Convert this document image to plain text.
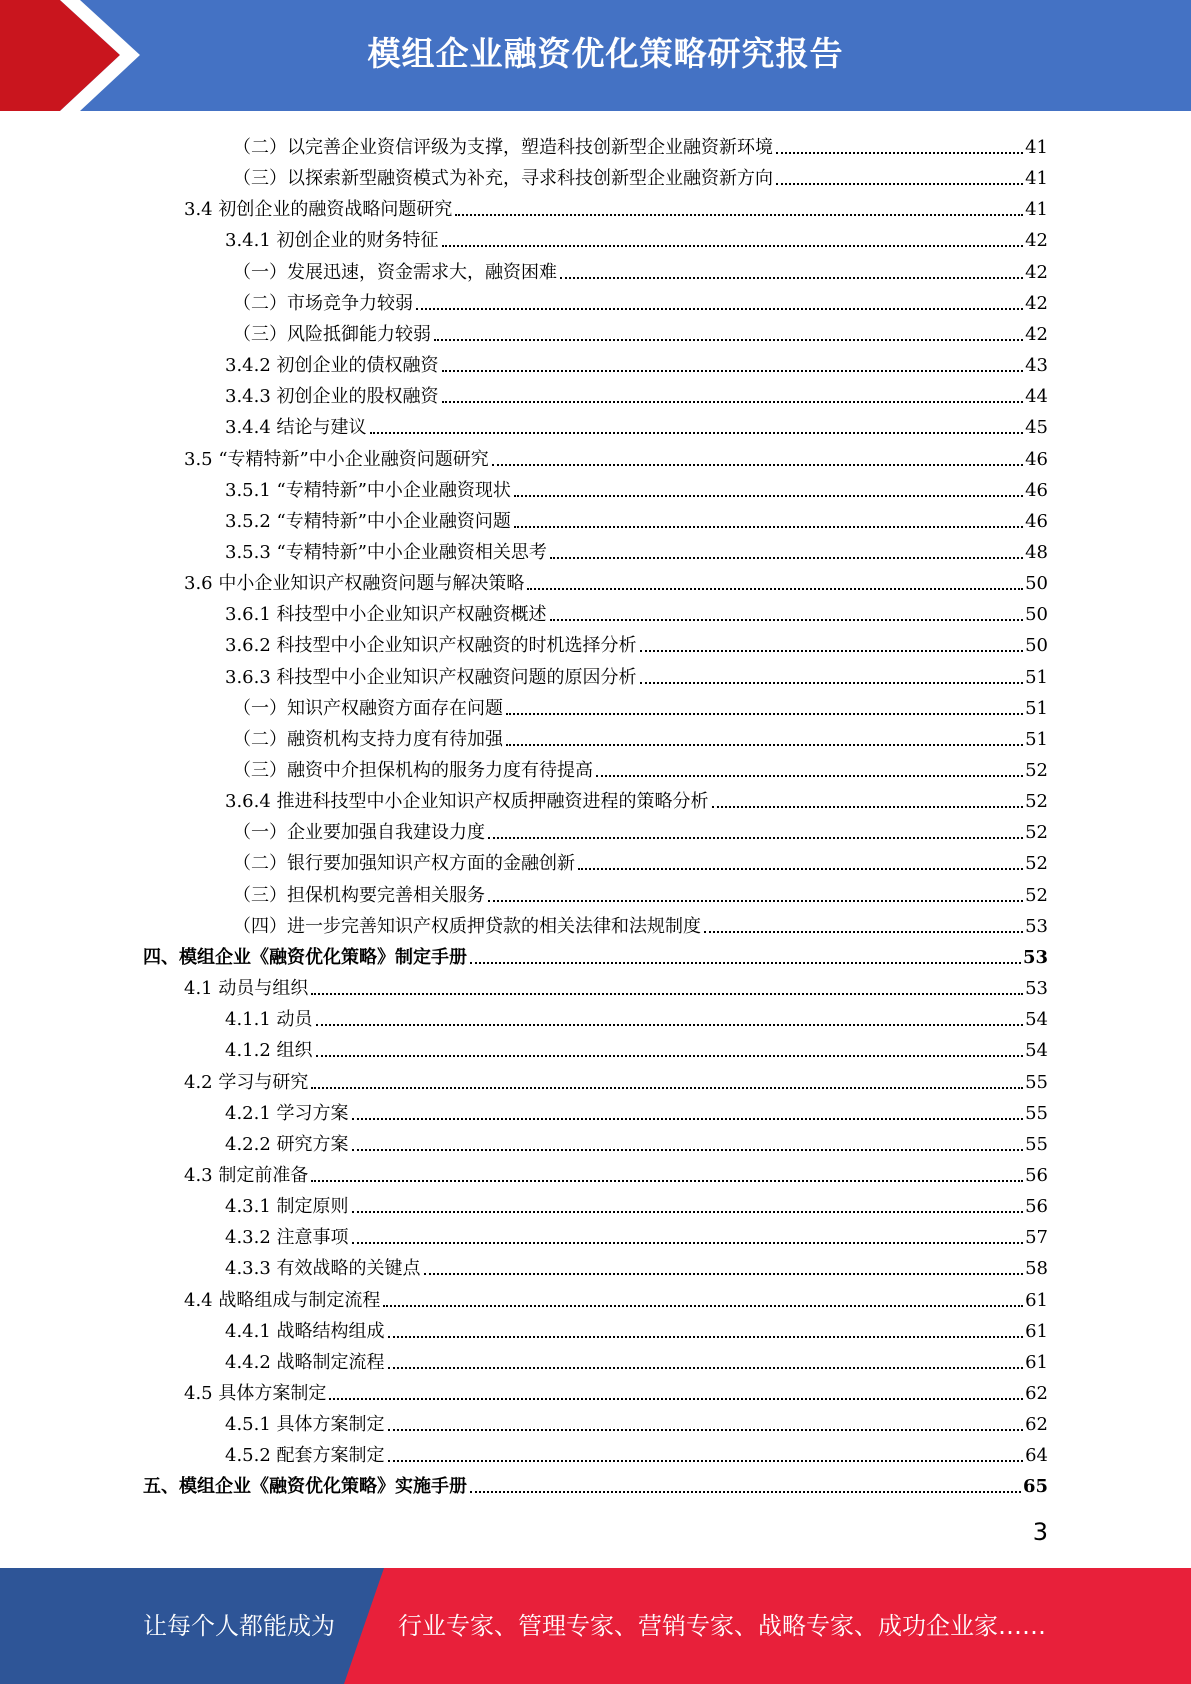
模组企业融资优化策略研究报告
（二）以完善企业资信评级为支撑，塑造科技创新型企业融资新环境	41
（三）以探索新型融资模式为补充，寻求科技创新型企业融资新方向	41
3.4 初创企业的融资战略问题研究	41
3.4.1 初创企业的财务特征	42
（一）发展迅速，资金需求大，融资困难	42
（二）市场竞争力较弱	42
（三）风险抵御能力较弱	42
3.4.2 初创企业的债权融资	43
3.4.3 初创企业的股权融资	44
3.4.4 结论与建议	45
3.5 “专精特新”中小企业融资问题研究	46
3.5.1 “专精特新”中小企业融资现状	46
3.5.2 “专精特新”中小企业融资问题	46
3.5.3 “专精特新”中小企业融资相关思考	48
3.6 中小企业知识产权融资问题与解决策略	50
3.6.1 科技型中小企业知识产权融资概述	50
3.6.2 科技型中小企业知识产权融资的时机选择分析	50
3.6.3 科技型中小企业知识产权融资问题的原因分析	51
（一）知识产权融资方面存在问题	51
（二）融资机构支持力度有待加强	51
（三）融资中介担保机构的服务力度有待提高	52
3.6.4 推进科技型中小企业知识产权质押融资进程的策略分析	52
（一）企业要加强自我建设力度	52
（二）银行要加强知识产权方面的金融创新	52
（三）担保机构要完善相关服务	52
（四）进一步完善知识产权质押贷款的相关法律和法规制度	53
四、模组企业《融资优化策略》制定手册	53
4.1 动员与组织	53
4.1.1 动员	54
4.1.2 组织	54
4.2 学习与研究	55
4.2.1 学习方案	55
4.2.2 研究方案	55
4.3 制定前准备	56
4.3.1 制定原则	56
4.3.2 注意事项	57
4.3.3 有效战略的关键点	58
4.4 战略组成与制定流程	61
4.4.1 战略结构组成	61
4.4.2 战略制定流程	61
4.5 具体方案制定	62
4.5.1 具体方案制定	62
4.5.2 配套方案制定	64
五、模组企业《融资优化策略》实施手册	65
3
让每个人都能成为	行业专家、管理专家、营销专家、战略专家、成功企业家……
